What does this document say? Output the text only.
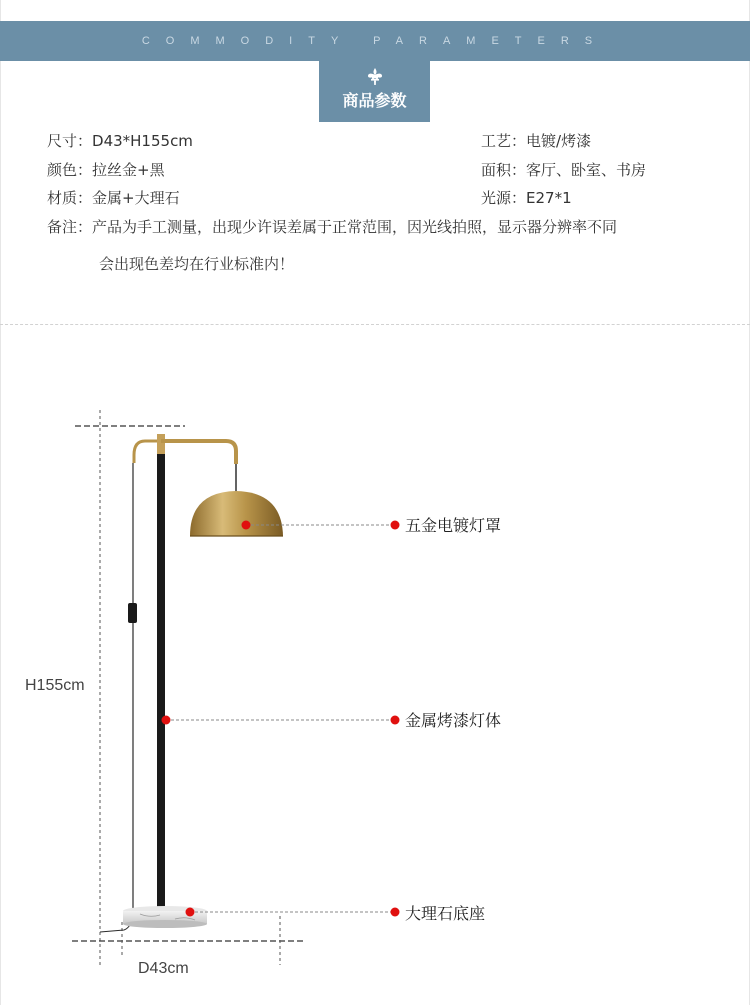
COMMODITY PARAMETERS
商品参数
尺寸：D43*H155cm	工艺：电镀/烤漆
颜色：拉丝金+黑	面积：客厅、卧室、书房
材质：金属+大理石	光源：E27*1
备注：产品为手工测量，出现少许误差属于正常范围，因光线拍照，显示器分辨率不同
会出现色差均在行业标准内！
五金电镀灯罩
金属烤漆灯体
大理石底座
H155cm
D43cm
